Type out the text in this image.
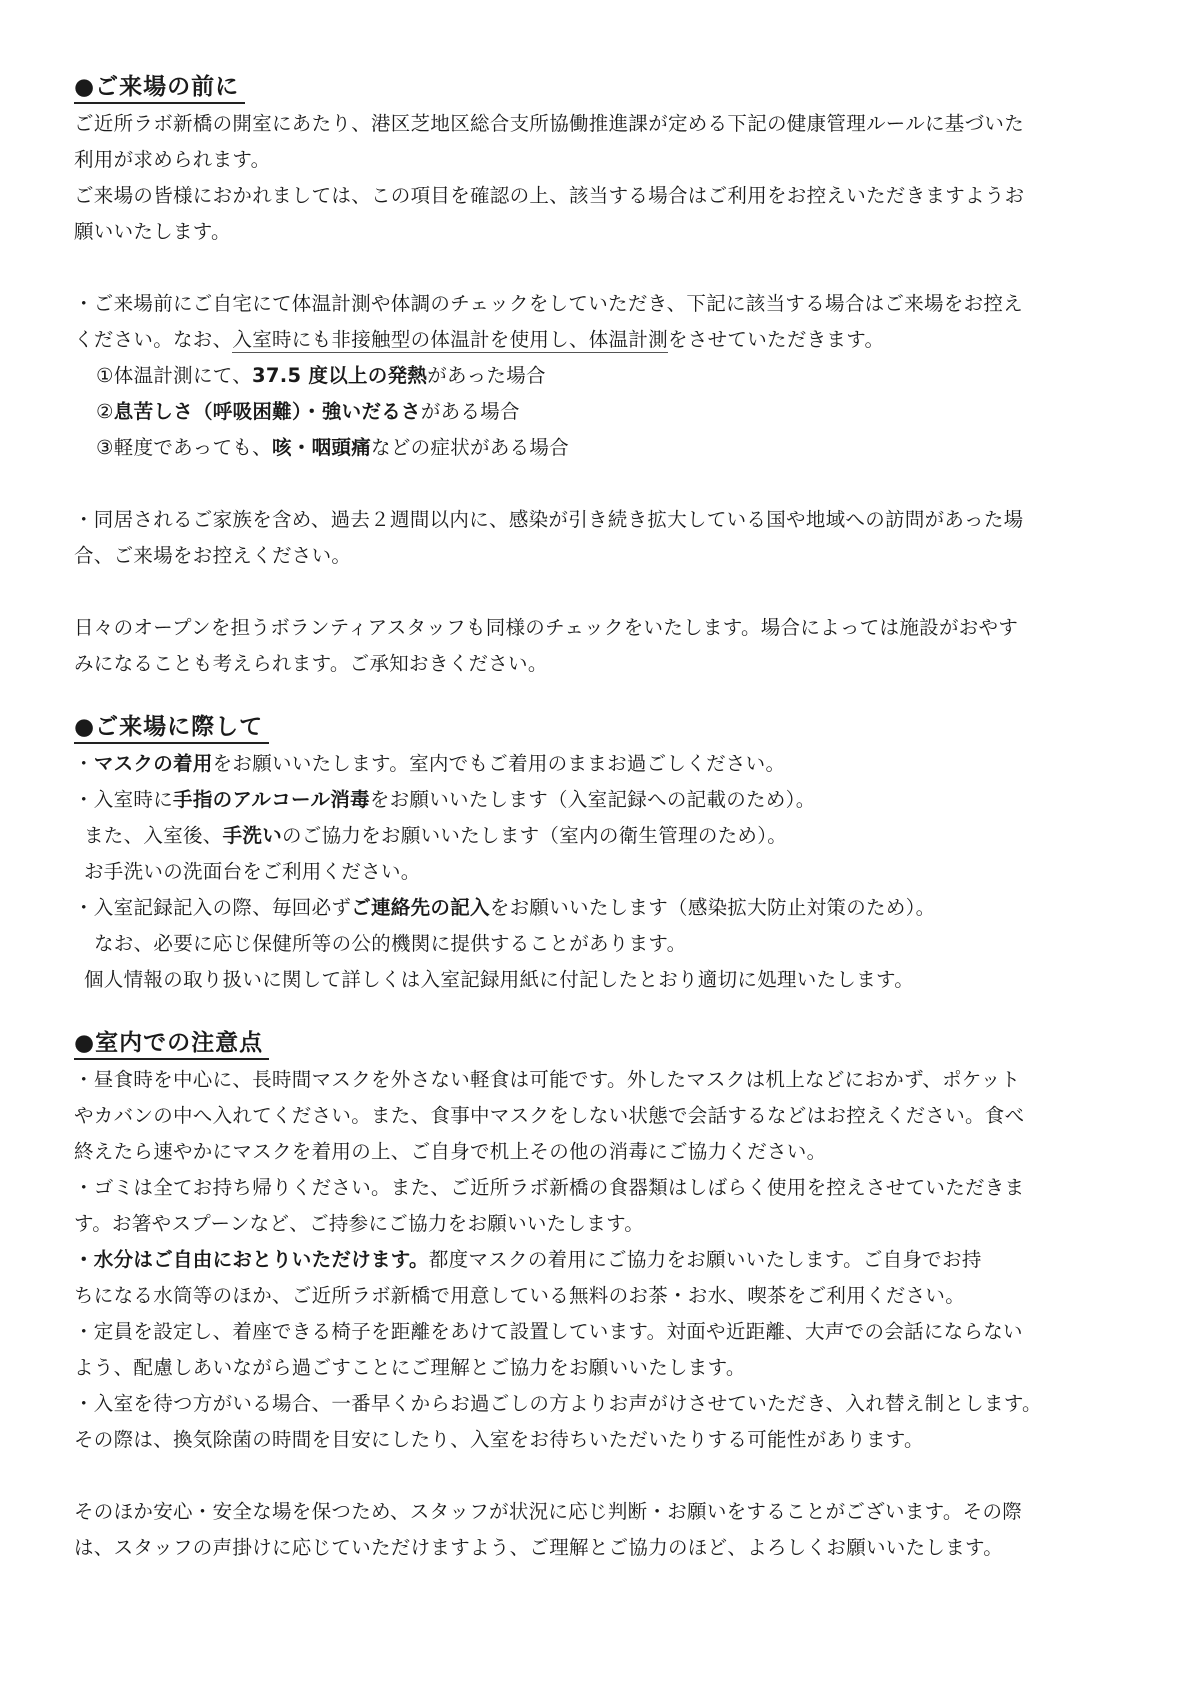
●ご来場の前に
ご近所ラボ新橋の開室にあたり、港区芝地区総合支所協働推進課が定める下記の健康管理ルールに基づいた
利用が求められます。
ご来場の皆様におかれましては、この項目を確認の上、該当する場合はご利用をお控えいただきますようお
願いいたします。
・ご来場前にご自宅にて体温計測や体調のチェックをしていただき、下記に該当する場合はご来場をお控え
ください。なお、入室時にも非接触型の体温計を使用し、体温計測をさせていただきます。
①体温計測にて、37.5 度以上の発熱があった場合
②息苦しさ（呼吸困難）・強いだるさがある場合
③軽度であっても、咳・咽頭痛などの症状がある場合
・同居されるご家族を含め、過去２週間以内に、感染が引き続き拡大している国や地域への訪問があった場
合、ご来場をお控えください。
日々のオープンを担うボランティアスタッフも同様のチェックをいたします。場合によっては施設がおやす
みになることも考えられます。ご承知おきください。
●ご来場に際して
・マスクの着用をお願いいたします。室内でもご着用のままお過ごしください。
・入室時に手指のアルコール消毒をお願いいたします（入室記録への記載のため）。
また、入室後、手洗いのご協力をお願いいたします（室内の衛生管理のため）。
お手洗いの洗面台をご利用ください。
・入室記録記入の際、毎回必ずご連絡先の記入をお願いいたします（感染拡大防止対策のため）。
なお、必要に応じ保健所等の公的機関に提供することがあります。
個人情報の取り扱いに関して詳しくは入室記録用紙に付記したとおり適切に処理いたします。
●室内での注意点
・昼食時を中心に、長時間マスクを外さない軽食は可能です。外したマスクは机上などにおかず、ポケット
やカバンの中へ入れてください。また、食事中マスクをしない状態で会話するなどはお控えください。食べ
終えたら速やかにマスクを着用の上、ご自身で机上その他の消毒にご協力ください。
・ゴミは全てお持ち帰りください。また、ご近所ラボ新橋の食器類はしばらく使用を控えさせていただきま
す。お箸やスプーンなど、ご持参にご協力をお願いいたします。
・水分はご自由におとりいただけます。都度マスクの着用にご協力をお願いいたします。ご自身でお持
ちになる水筒等のほか、ご近所ラボ新橋で用意している無料のお茶・お水、喫茶をご利用ください。
・定員を設定し、着座できる椅子を距離をあけて設置しています。対面や近距離、大声での会話にならない
よう、配慮しあいながら過ごすことにご理解とご協力をお願いいたします。
・入室を待つ方がいる場合、一番早くからお過ごしの方よりお声がけさせていただき、入れ替え制とします。
その際は、換気除菌の時間を目安にしたり、入室をお待ちいただいたりする可能性があります。
そのほか安心・安全な場を保つため、スタッフが状況に応じ判断・お願いをすることがございます。その際
は、スタッフの声掛けに応じていただけますよう、ご理解とご協力のほど、よろしくお願いいたします。
